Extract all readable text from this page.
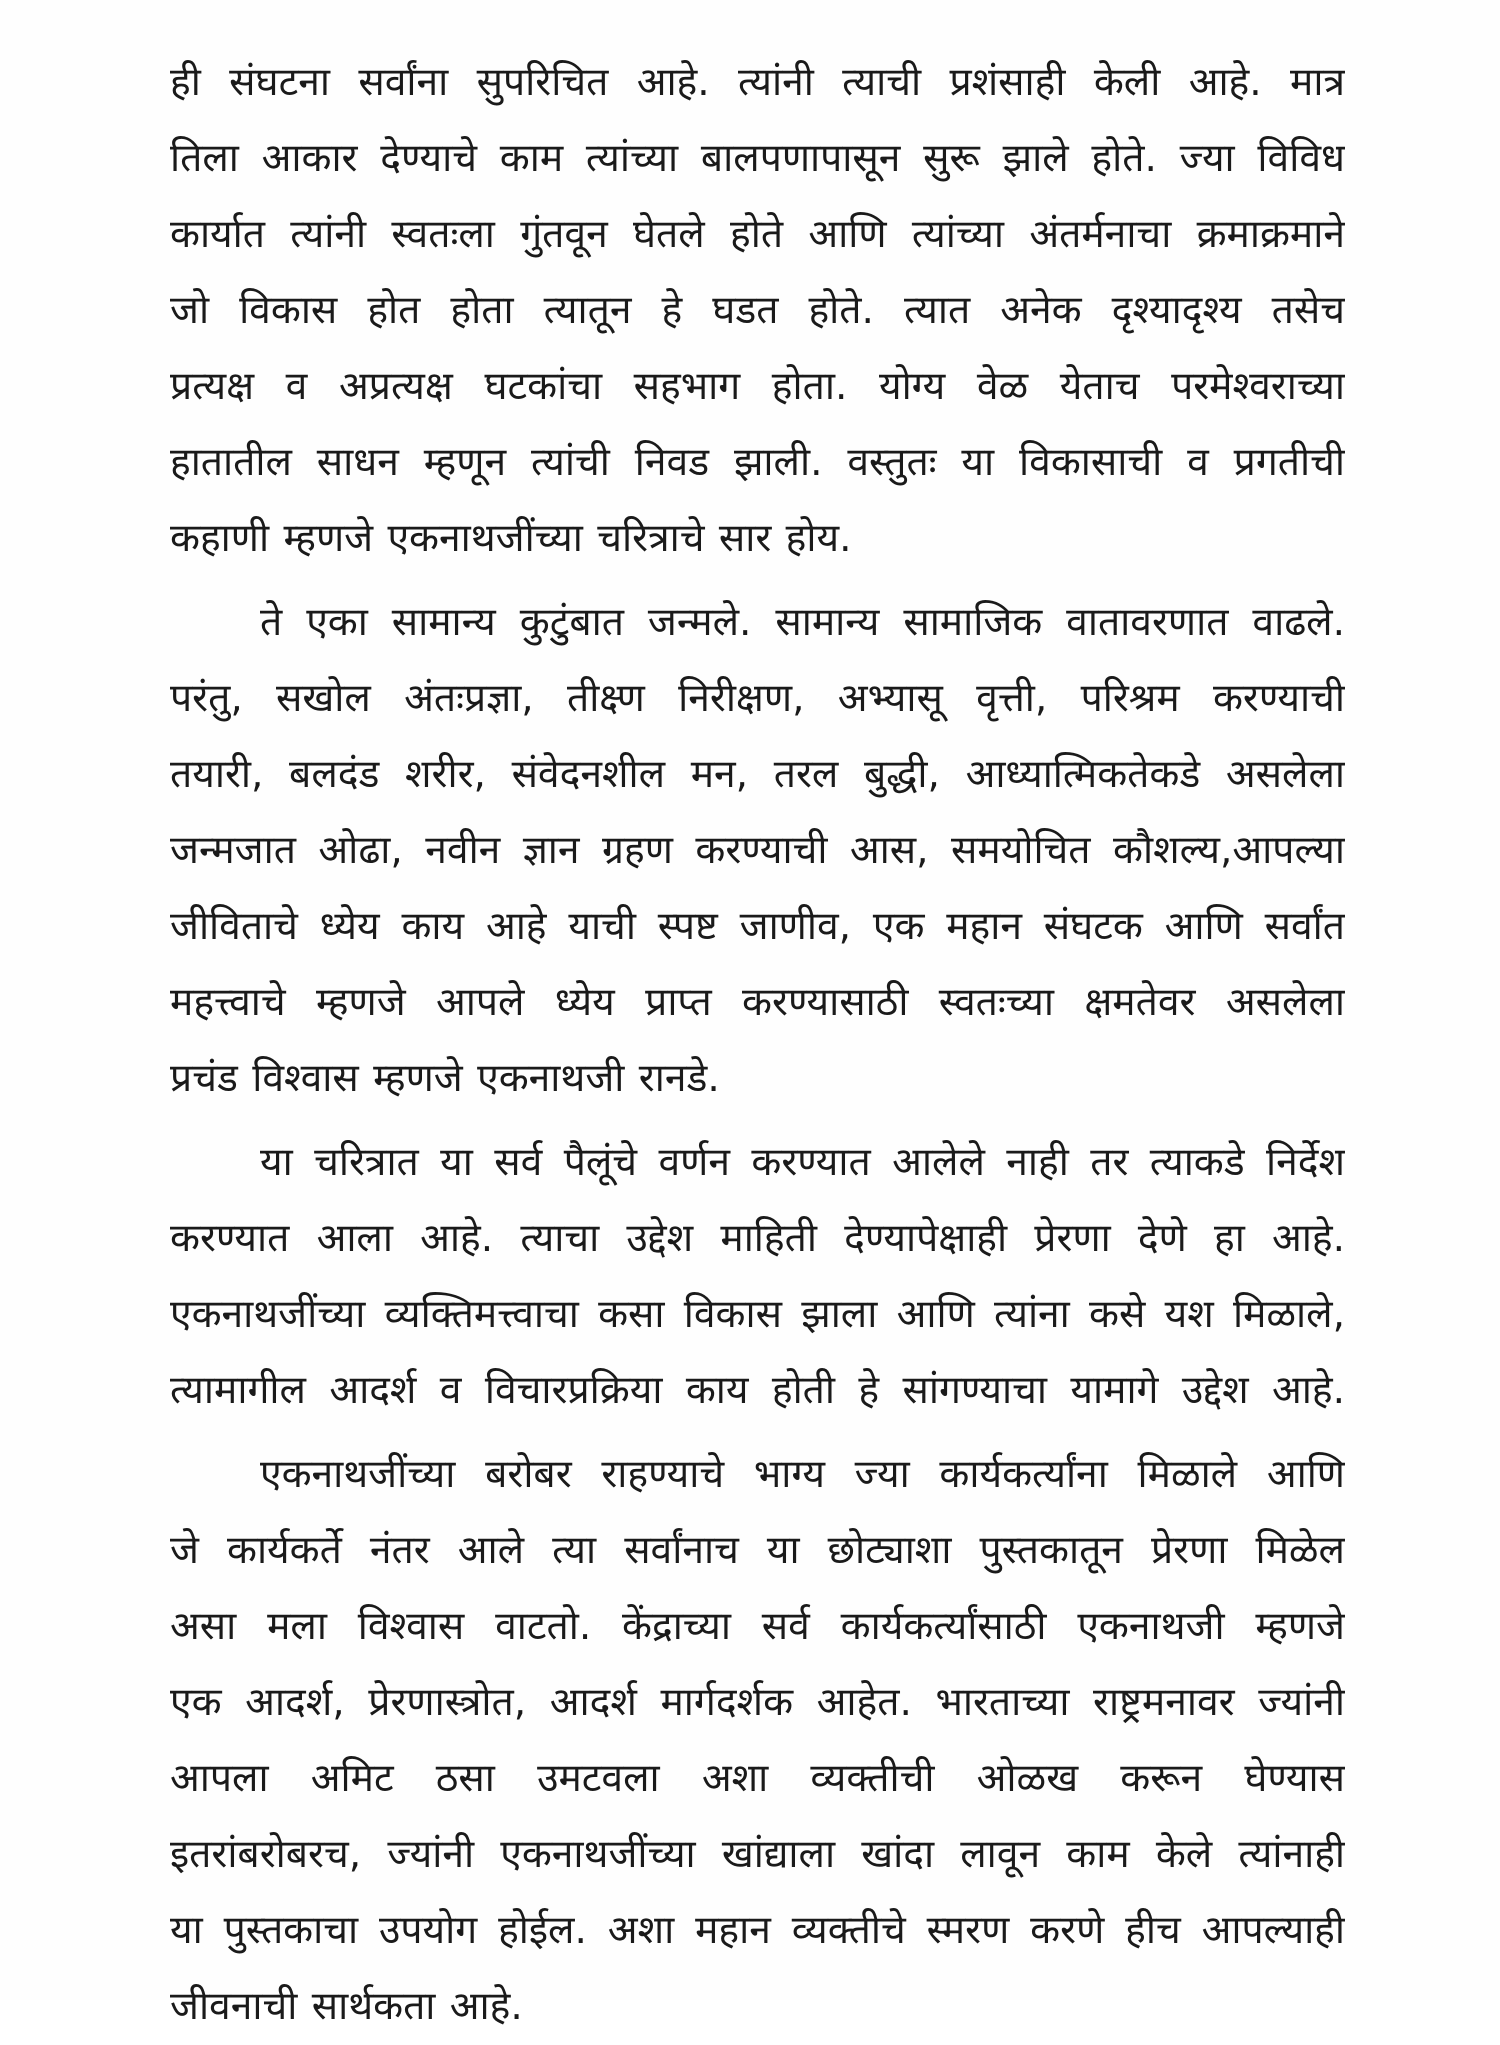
ही संघटना सर्वांना सुपरिचित आहे. त्यांनी त्याची प्रशंसाही केली आहे. मात्र
तिला आकार देण्याचे काम त्यांच्या बालपणापासून सुरू झाले होते. ज्या विविध
कार्यात त्यांनी स्वतःला गुंतवून घेतले होते आणि त्यांच्या अंतर्मनाचा क्रमाक्रमाने
जो विकास होत होता त्यातून हे घडत होते. त्यात अनेक दृश्यादृश्य तसेच
प्रत्यक्ष व अप्रत्यक्ष घटकांचा सहभाग होता. योग्य वेळ येताच परमेश्वराच्या
हातातील साधन म्हणून त्यांची निवड झाली. वस्तुतः या विकासाची व प्रगतीची
कहाणी म्हणजे एकनाथजींच्या चरित्राचे सार होय.
ते एका सामान्य कुटुंबात जन्मले. सामान्य सामाजिक वातावरणात वाढले.
परंतु, सखोल अंतःप्रज्ञा, तीक्ष्ण निरीक्षण, अभ्यासू वृत्ती, परिश्रम करण्याची
तयारी, बलदंड शरीर, संवेदनशील मन, तरल बुद्धी, आध्यात्मिकतेकडे असलेला
जन्मजात ओढा, नवीन ज्ञान ग्रहण करण्याची आस, समयोचित कौशल्य,आपल्या
जीविताचे ध्येय काय आहे याची स्पष्ट जाणीव, एक महान संघटक आणि सर्वांत
महत्त्वाचे म्हणजे आपले ध्येय प्राप्त करण्यासाठी स्वतःच्या क्षमतेवर असलेला
प्रचंड विश्वास म्हणजे एकनाथजी रानडे.
या चरित्रात या सर्व पैलूंचे वर्णन करण्यात आलेले नाही तर त्याकडे निर्देश
करण्यात आला आहे. त्याचा उद्देश माहिती देण्यापेक्षाही प्रेरणा देणे हा आहे.
एकनाथजींच्या व्यक्तिमत्त्वाचा कसा विकास झाला आणि त्यांना कसे यश मिळाले,
त्यामागील आदर्श व विचारप्रक्रिया काय होती हे सांगण्याचा यामागे उद्देश आहे.
एकनाथजींच्या बरोबर राहण्याचे भाग्य ज्या कार्यकर्त्यांना मिळाले आणि
जे कार्यकर्ते नंतर आले त्या सर्वांनाच या छोट्याशा पुस्तकातून प्रेरणा मिळेल
असा मला विश्वास वाटतो. केंद्राच्या सर्व कार्यकर्त्यांसाठी एकनाथजी म्हणजे
एक आदर्श, प्रेरणास्त्रोत, आदर्श मार्गदर्शक आहेत. भारताच्या राष्ट्रमनावर ज्यांनी
आपला अमिट ठसा उमटवला अशा व्यक्तीची ओळख करून घेण्यास
इतरांबरोबरच, ज्यांनी एकनाथजींच्या खांद्याला खांदा लावून काम केले त्यांनाही
या पुस्तकाचा उपयोग होईल. अशा महान व्यक्तीचे स्मरण करणे हीच आपल्याही
जीवनाची सार्थकता आहे.
